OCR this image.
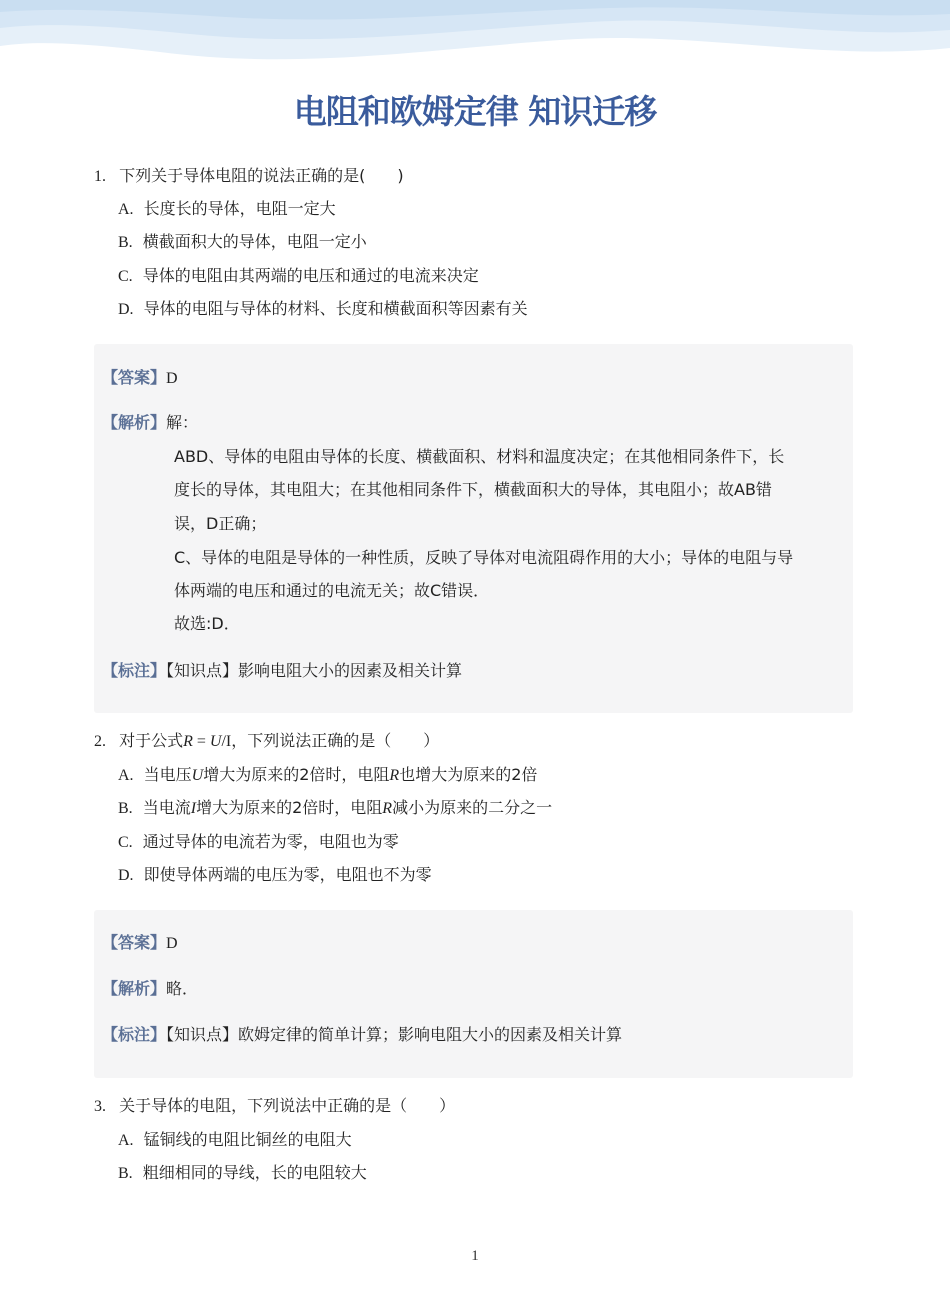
电阻和欧姆定律 知识迁移
1. 下列关于导体电阻的说法正确的是(　　)
A. 长度长的导体，电阻一定大
B. 横截面积大的导体，电阻一定小
C. 导体的电阻由其两端的电压和通过的电流来决定
D. 导体的电阻与导体的材料、长度和横截面积等因素有关
【答案】D
【解析】解：
ABD、导体的电阻由导体的长度、横截面积、材料和温度决定；在其他相同条件下，长
度长的导体，其电阻大；在其他相同条件下，横截面积大的导体，其电阻小；故AB错
误，D正确；
C、导体的电阻是导体的一种性质，反映了导体对电流阻碍作用的大小；导体的电阻与导
体两端的电压和通过的电流无关；故C错误．
故选:D．
【标注】【知识点】影响电阻大小的因素及相关计算
2. 对于公式R = U/I，下列说法正确的是（　　）
A. 当电压U增大为原来的2倍时，电阻R也增大为原来的2倍
B. 当电流I增大为原来的2倍时，电阻R减小为原来的二分之一
C. 通过导体的电流若为零，电阻也为零
D. 即使导体两端的电压为零，电阻也不为零
【答案】D
【解析】略．
【标注】【知识点】欧姆定律的简单计算；影响电阻大小的因素及相关计算
3. 关于导体的电阻，下列说法中正确的是（　　）
A. 锰铜线的电阻比铜丝的电阻大
B. 粗细相同的导线，长的电阻较大
1
